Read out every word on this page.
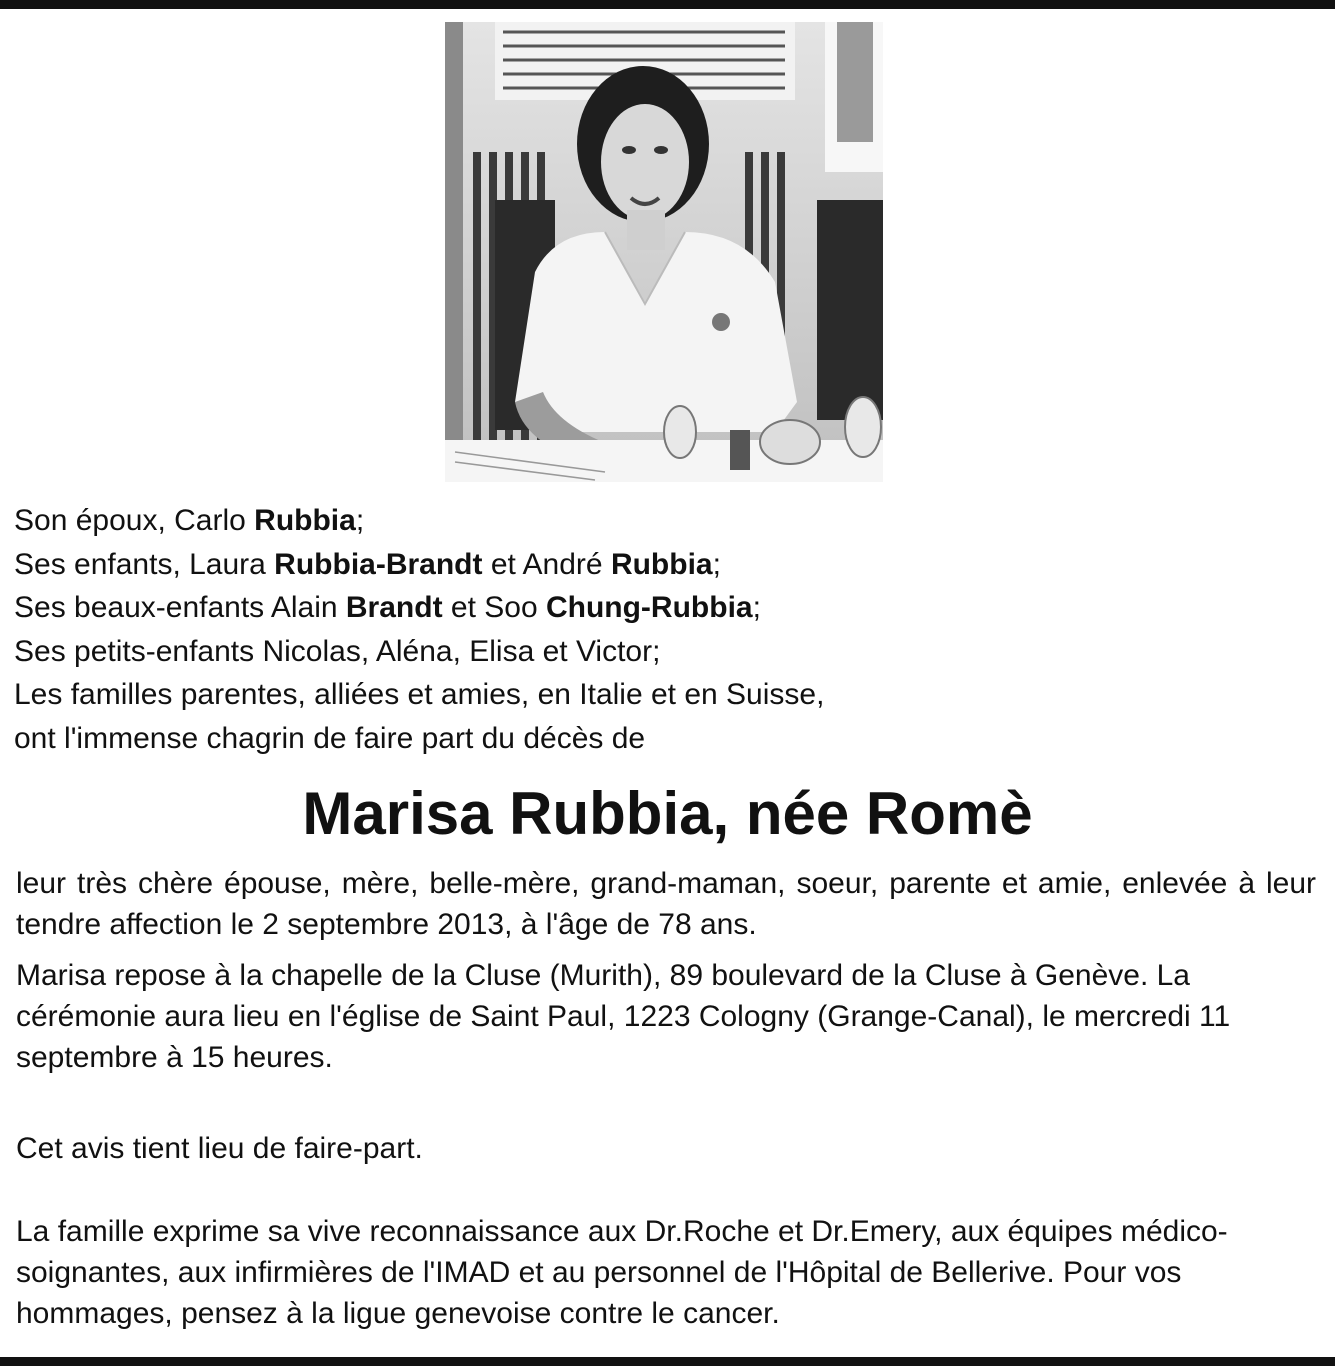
Son époux, Carlo Rubbia;
Ses enfants, Laura Rubbia-Brandt et André Rubbia;
Ses beaux-enfants Alain Brandt et Soo Chung-Rubbia;
Ses petits-enfants Nicolas, Aléna, Elisa et Victor;
Les familles parentes, alliées et amies, en Italie et en Suisse,
ont l'immense chagrin de faire part du décès de
Marisa Rubbia, née Romè
leur très chère épouse, mère, belle-mère, grand-maman, soeur, parente et amie, enlevée à leur tendre affection le 2 septembre 2013, à l'âge de 78 ans.
Marisa repose à la chapelle de la Cluse (Murith), 89 boulevard de la Cluse à Genève. La cérémonie aura lieu en l'église de Saint Paul, 1223 Cologny (Grange-Canal), le mercredi 11 septembre à 15 heures.
Cet avis tient lieu de faire-part.
La famille exprime sa vive reconnaissance aux Dr.Roche et Dr.Emery, aux équipes médico-soignantes, aux infirmières de l'IMAD et au personnel de l'Hôpital de Bellerive. Pour vos hommages, pensez à la ligue genevoise contre le cancer.
